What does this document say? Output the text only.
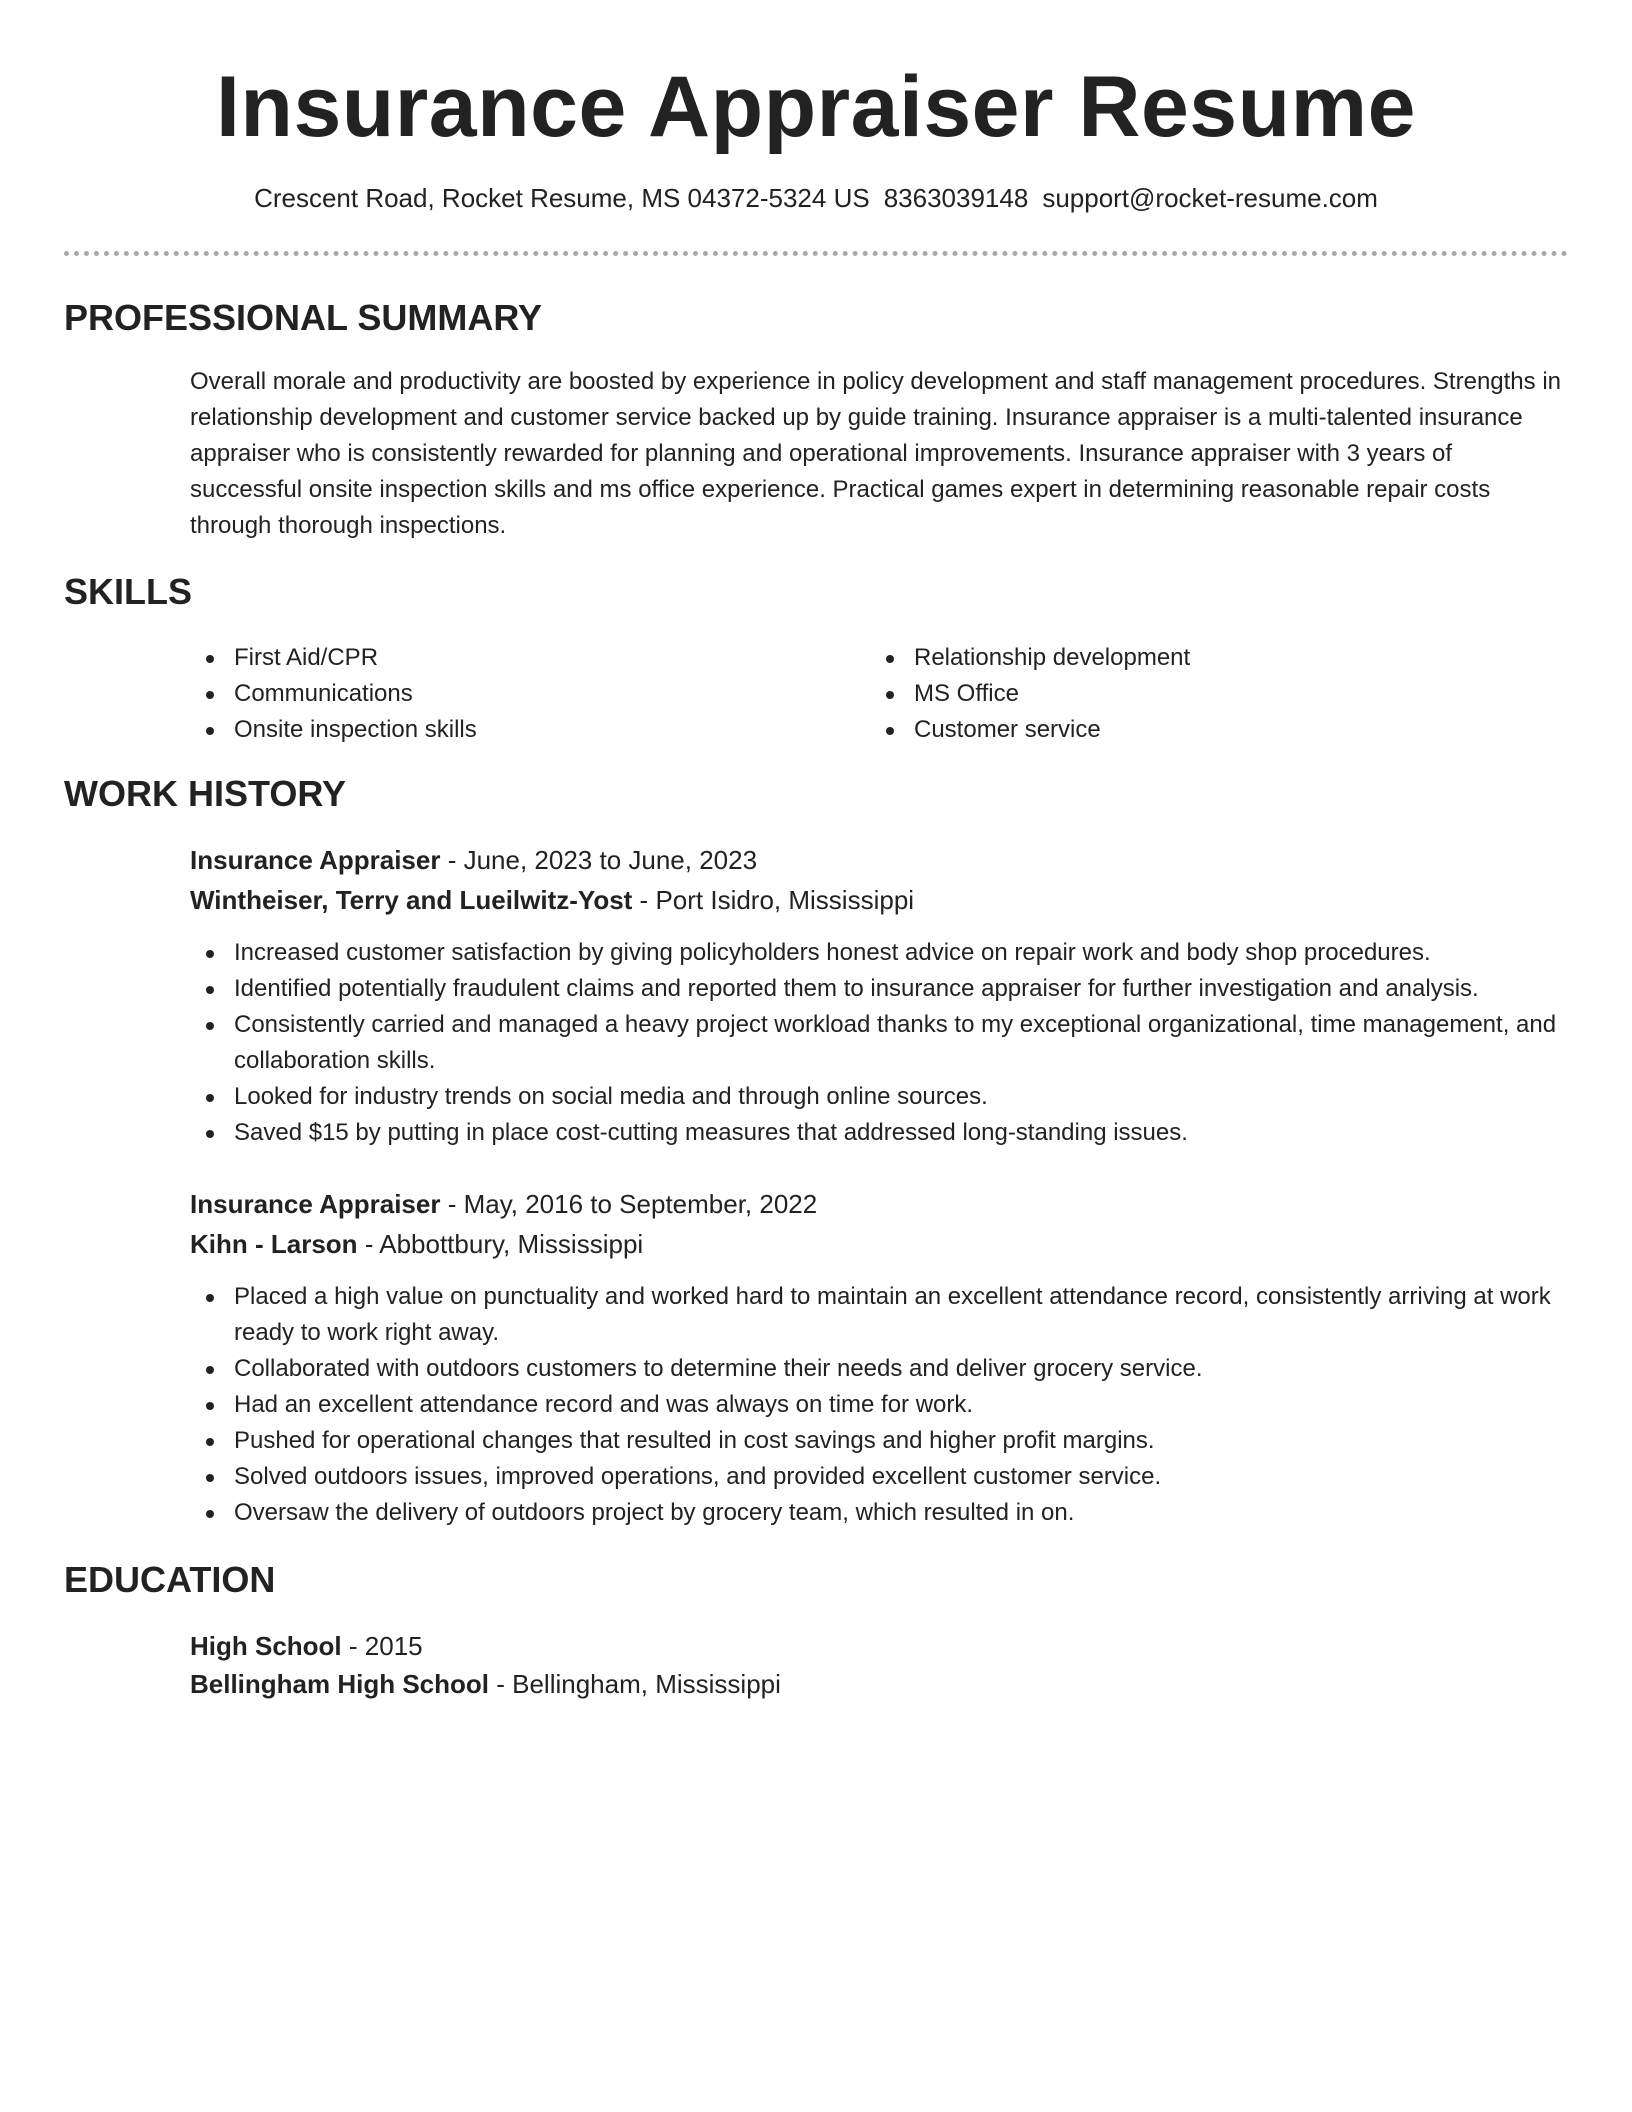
Insurance Appraiser Resume
Crescent Road, Rocket Resume, MS 04372-5324 US 8363039148 support@rocket-resume.com
PROFESSIONAL SUMMARY

Overall morale and productivity are boosted by experience in policy development and staff management procedures. Strengths in relationship development and customer service backed up by guide training. Insurance appraiser is a multi-talented insurance appraiser who is consistently rewarded for planning and operational improvements. Insurance appraiser with 3 years of successful onsite inspection skills and ms office experience. Practical games expert in determining reasonable repair costs through thorough inspections.

SKILLS
First Aid/CPR
Communications
Onsite inspection skills
Relationship development
MS Office
Customer service
WORK HISTORY
Insurance Appraiser - June, 2023 to June, 2023
Wintheiser, Terry and Lueilwitz-Yost - Port Isidro, Mississippi
Increased customer satisfaction by giving policyholders honest advice on repair work and body shop procedures.
Identified potentially fraudulent claims and reported them to insurance appraiser for further investigation and analysis.
Consistently carried and managed a heavy project workload thanks to my exceptional organizational, time management, and collaboration skills.
Looked for industry trends on social media and through online sources.
Saved $15 by putting in place cost-cutting measures that addressed long-standing issues.
Insurance Appraiser - May, 2016 to September, 2022
Kihn - Larson - Abbottbury, Mississippi
Placed a high value on punctuality and worked hard to maintain an excellent attendance record, consistently arriving at work ready to work right away.
Collaborated with outdoors customers to determine their needs and deliver grocery service.
Had an excellent attendance record and was always on time for work.
Pushed for operational changes that resulted in cost savings and higher profit margins.
Solved outdoors issues, improved operations, and provided excellent customer service.
Oversaw the delivery of outdoors project by grocery team, which resulted in on.
EDUCATION
High School - 2015
Bellingham High School - Bellingham, Mississippi
